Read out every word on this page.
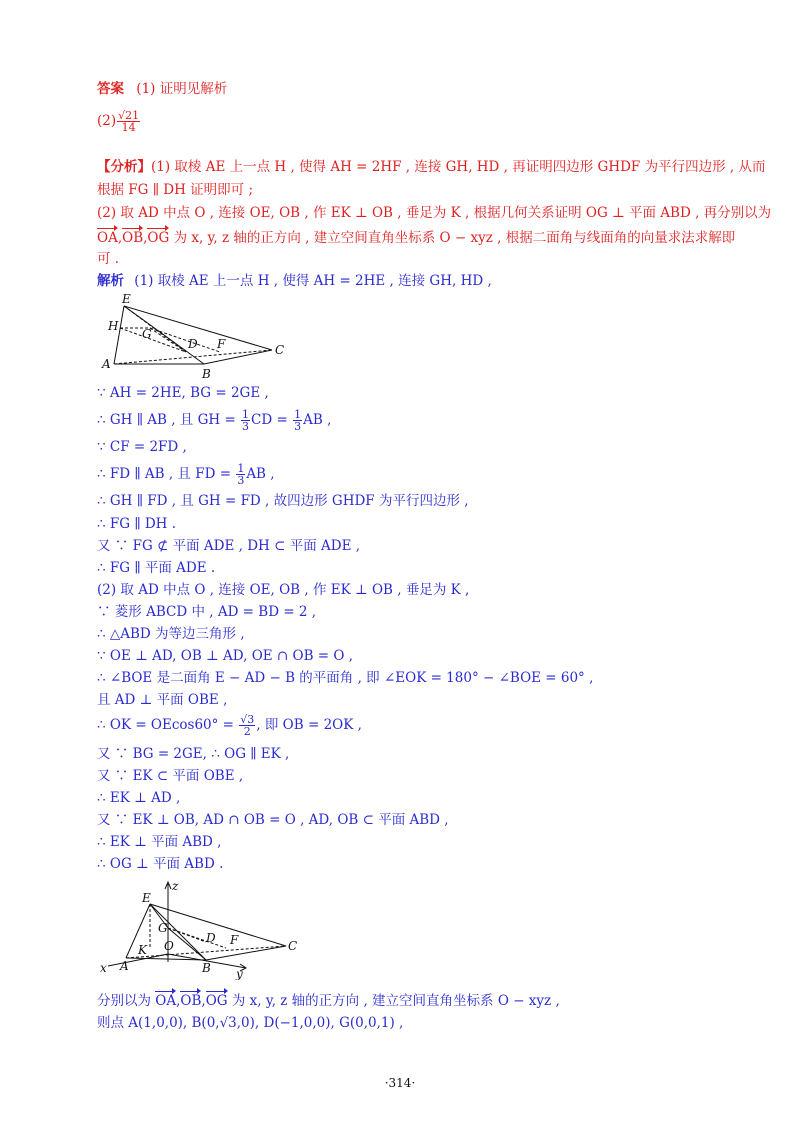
答案 (1) 证明见解析
$(2) \frac{√21}{14}$
【分析】(1) 取棱 AE 上一点 H , 使得 AH = 2HF , 连接 GH, HD , 再证明四边形 GHDF 为平行四边形 , 从而
根据 FG ∥ DH 证明即可 ;
(2) 取 AD 中点 O , 连接 OE, OB , 作 EK ⊥ OB , 垂足为 K , 根据几何关系证明 OG ⊥ 平面 ABD , 再分别以为
OA,OB,OG 为 x, y, z 轴的正方向 , 建立空间直角坐标系 O − xyz , 根据二面角与线面角的向量求法求解即
可 .
解析 (1) 取棱 AE 上一点 H , 使得 AH = 2HE , 连接 GH, HD ,
E
H
G
D F	C
A
B
∵ AH = 2HE, BG = 2GE ,
∴ GH ∥ AB , 且 GH = $\frac{1}{3}$ CD = $\frac{1}{3}$ AB ,
∵ CF = 2FD ,
∴ FD ∥ AB , 且 FD = $\frac{1}{3}$ AB ,
∴ GH ∥ FD , 且 GH = FD , 故四边形 GHDF 为平行四边形 ,
∴ FG ∥ DH .
又 ∵ FG ⊄ 平面 ADE , DH ⊂ 平面 ADE ,
∴ FG ∥ 平面 ADE .
(2) 取 AD 中点 O , 连接 OE, OB , 作 EK ⊥ OB , 垂足为 K ,
∵ 菱形 ABCD 中 , AD = BD = 2 ,
∴ △ABD 为等边三角形 ,
∵ OE ⊥ AD, OB ⊥ AD, OE ∩ OB = O ,
∴ ∠BOE 是二面角 E − AD − B 的平面角 , 即 ∠EOK = 180° − ∠BOE = 60° ,
且 AD ⊥ 平面 OBE ,
∴ OK = $OEcos60^\circ = \frac{√3}{2}$ , 即 OB = 2OK ,
又 ∵ BG = 2GE, ∴ OG ∥ EK ,
又 ∵ EK ⊂ 平面 OBE ,
∴ EK ⊥ AD ,
又 ∵ EK ⊥ OB, AD ∩ OB = O , AD, OB ⊂ 平面 ABD ,
∴ EK ⊥ 平面 ABD ,
∴ OG ⊥ 平面 ABD .
z
E
G
K O
D F	C
x A	B y
分别以为 OA,OB,OG 为 x, y, z 轴的正方向 , 建立空间直角坐标系 O − xyz ,
则点 A(1,0,0), B(0,√3,0), D(−1,0,0), G(0,0,1) ,
·314·
